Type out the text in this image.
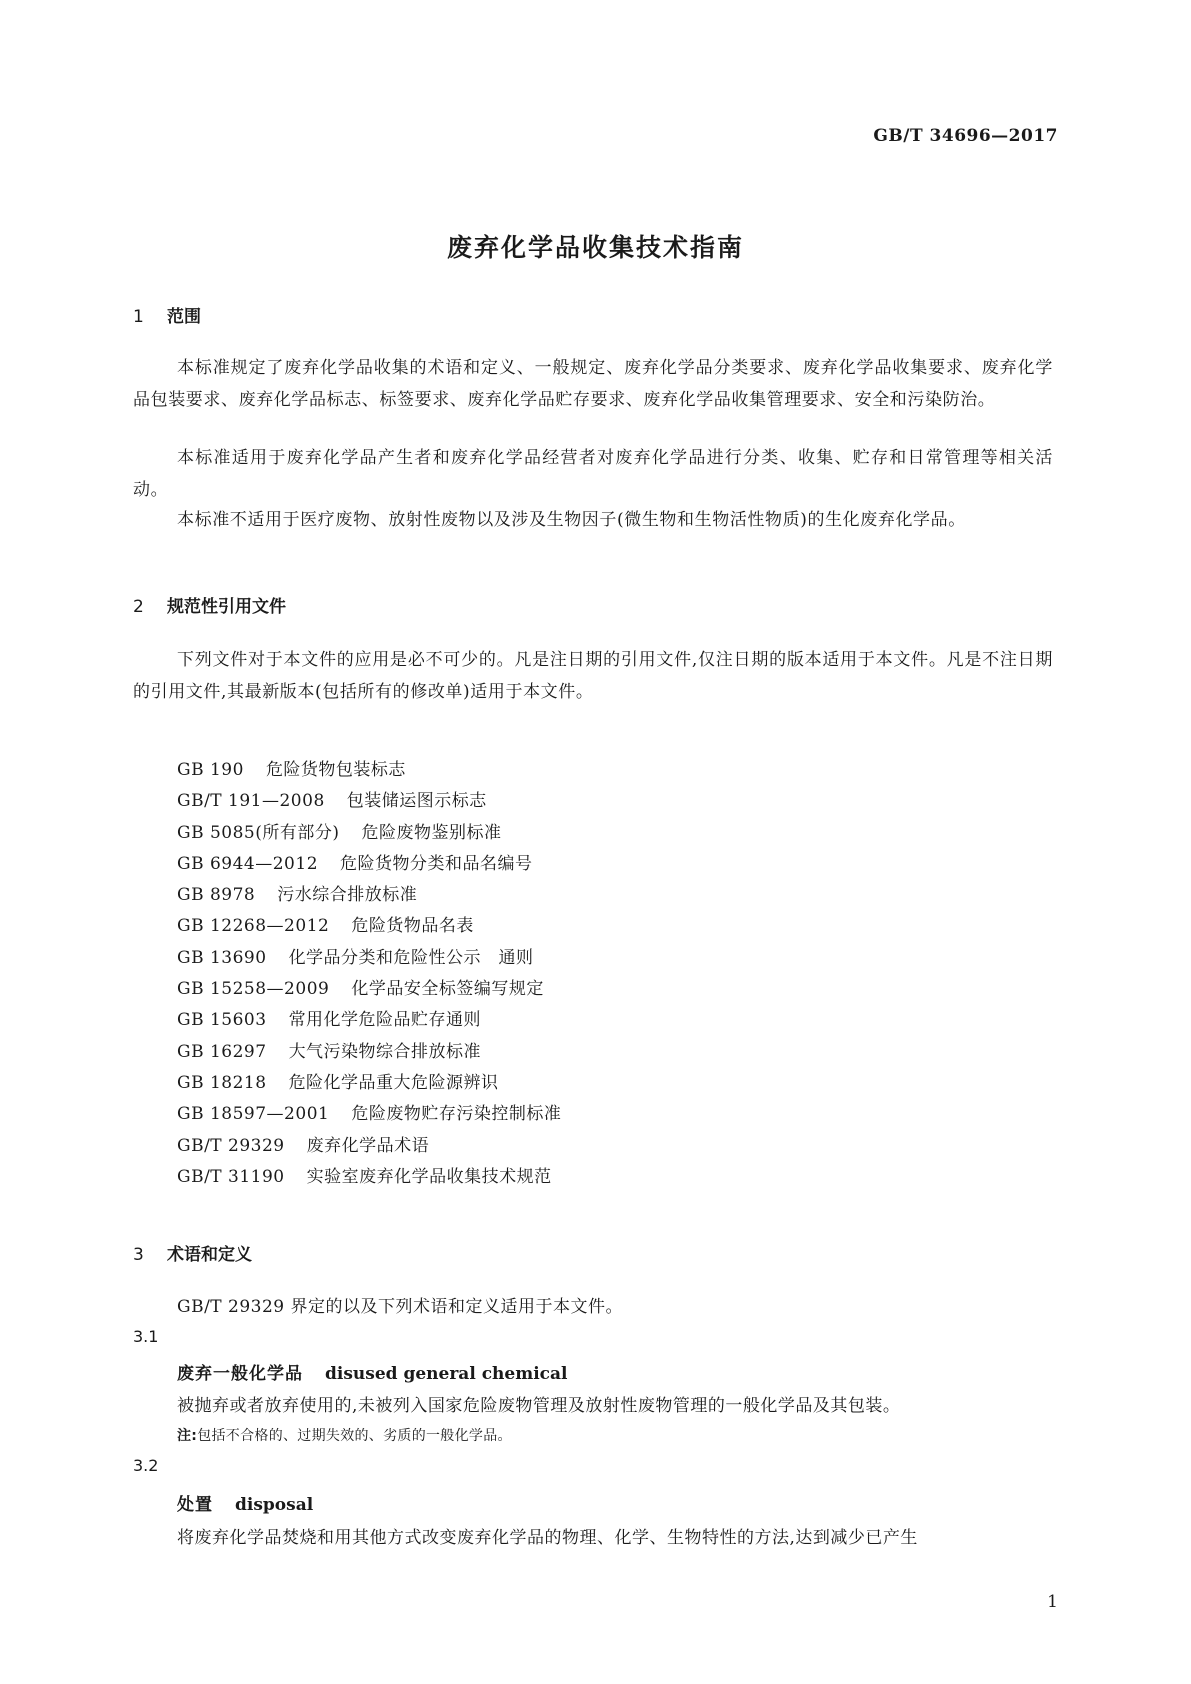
GB/T 34696—2017
废弃化学品收集技术指南
1 范围

本标准规定了废弃化学品收集的术语和定义、一般规定、废弃化学品分类要求、废弃化学品收集要求、废弃化学品包装要求、废弃化学品标志、标签要求、废弃化学品贮存要求、废弃化学品收集管理要求、安全和污染防治。

本标准适用于废弃化学品产生者和废弃化学品经营者对废弃化学品进行分类、收集、贮存和日常管理等相关活动。

本标准不适用于医疗废物、放射性废物以及涉及生物因子(微生物和生物活性物质)的生化废弃化学品。

2 规范性引用文件

下列文件对于本文件的应用是必不可少的。凡是注日期的引用文件,仅注日期的版本适用于本文件。凡是不注日期的引用文件,其最新版本(包括所有的修改单)适用于本文件。

GB 190 危险货物包装标志
GB/T 191—2008 包装储运图示标志
GB 5085(所有部分) 危险废物鉴别标准
GB 6944—2012 危险货物分类和品名编号
GB 8978 污水综合排放标准
GB 12268—2012 危险货物品名表
GB 13690 化学品分类和危险性公示　通则
GB 15258—2009 化学品安全标签编写规定
GB 15603 常用化学危险品贮存通则
GB 16297 大气污染物综合排放标准
GB 18218 危险化学品重大危险源辨识
GB 18597—2001 危险废物贮存污染控制标准
GB/T 29329 废弃化学品术语
GB/T 31190 实验室废弃化学品收集技术规范
3 术语和定义
GB/T 29329 界定的以及下列术语和定义适用于本文件。
3.1
废弃一般化学品 disused general chemical
被抛弃或者放弃使用的,未被列入国家危险废物管理及放射性废物管理的一般化学品及其包装。
注:包括不合格的、过期失效的、劣质的一般化学品。
3.2
处置 disposal
将废弃化学品焚烧和用其他方式改变废弃化学品的物理、化学、生物特性的方法,达到减少已产生
1
